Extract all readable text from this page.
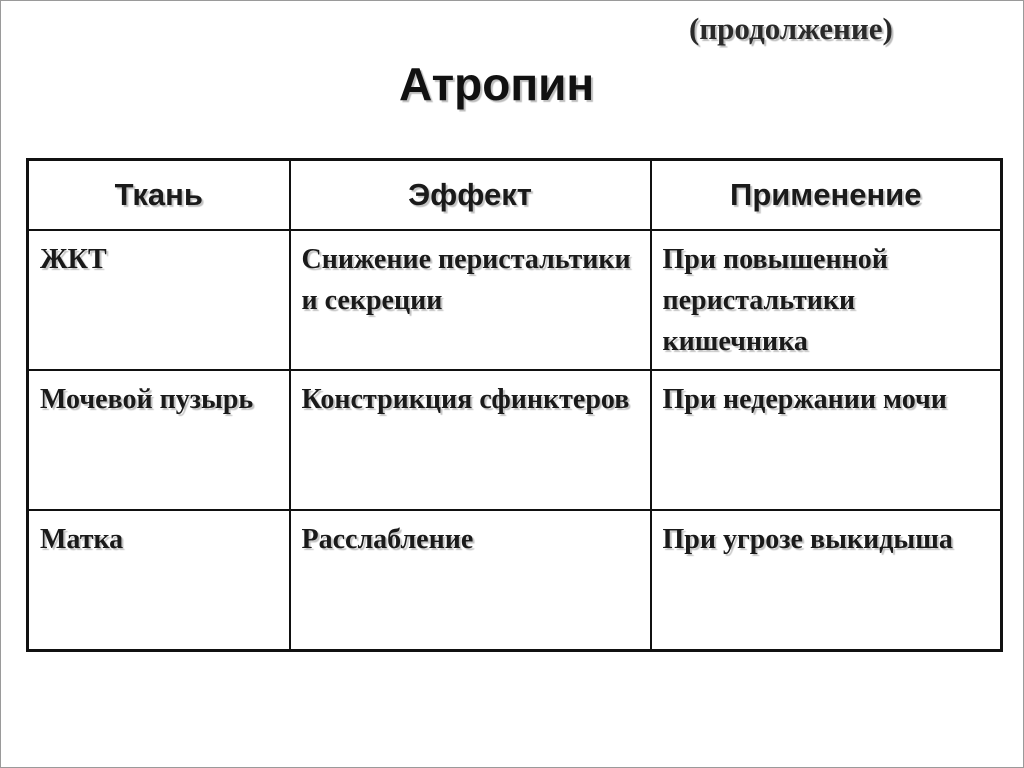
(продолжение)
Атропин
Ткань	Эффект	Применение

ЖКТ	Снижение перистальтики и секреции	При повышенной перистальтики кишечника

Мочевой пузырь	Констрикция сфинктеров	При недержании мочи

Матка	Расслабление	При угрозе выкидыша
